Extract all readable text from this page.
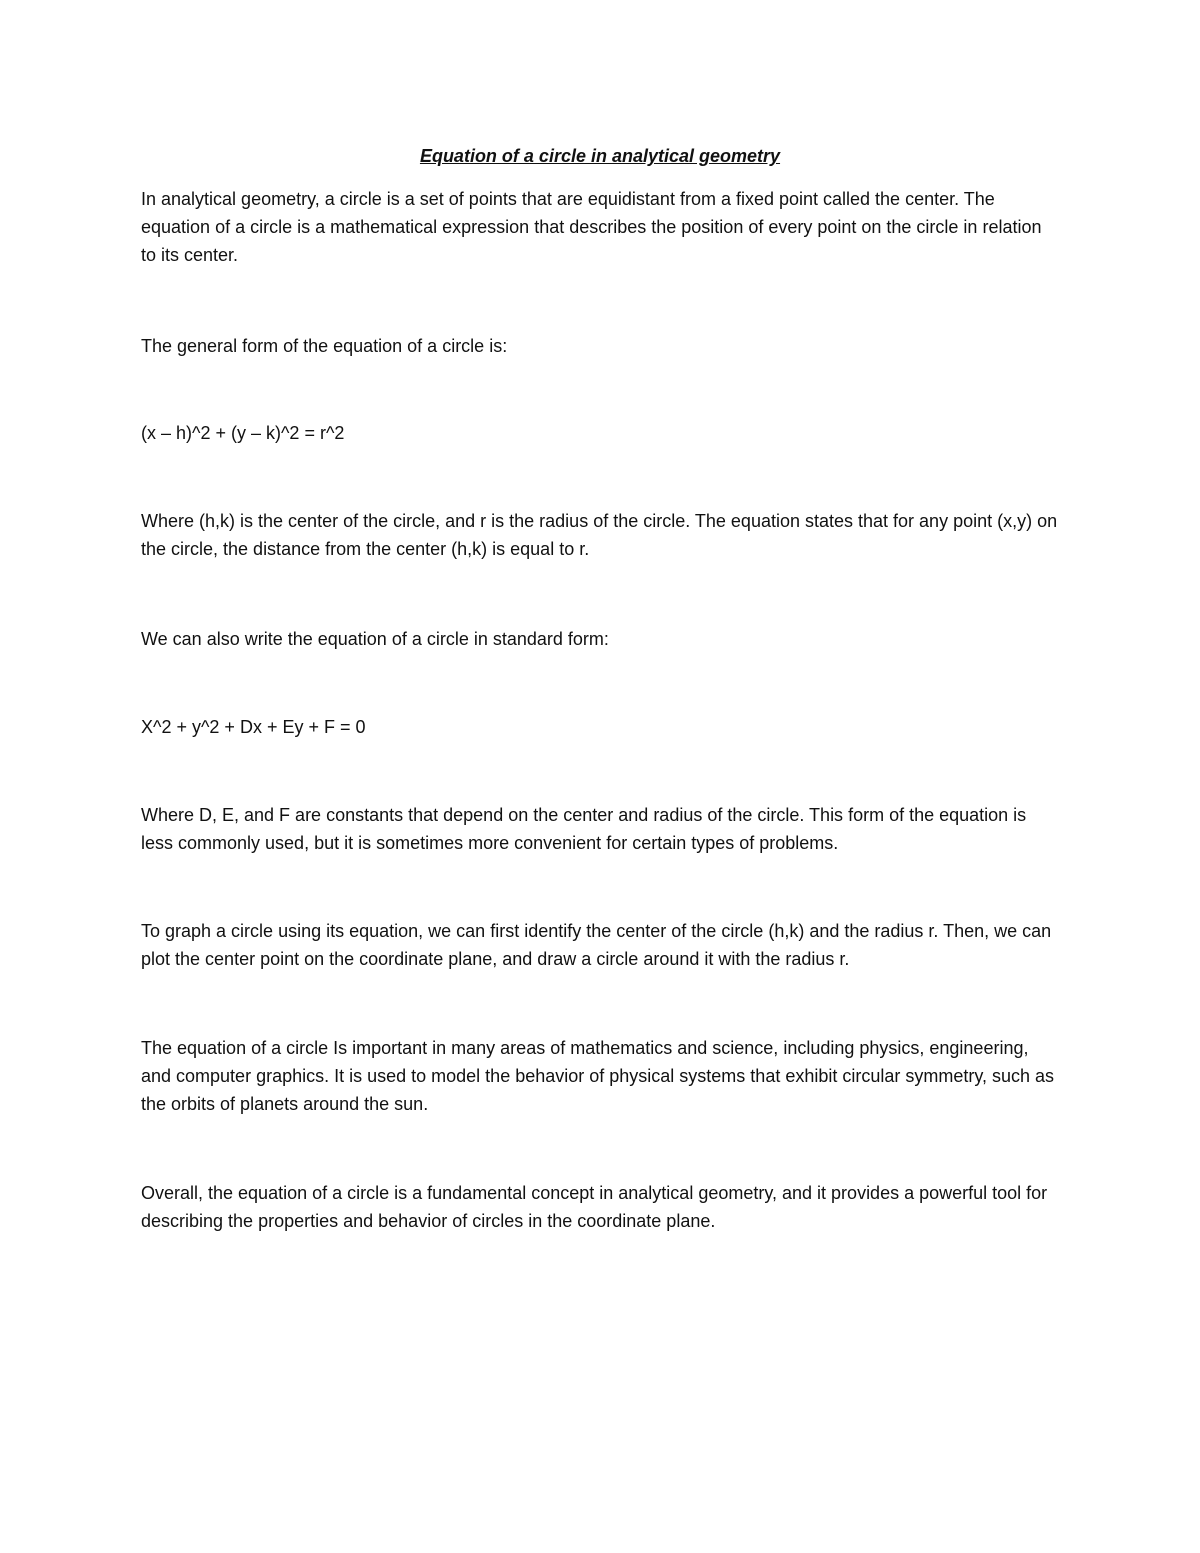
Equation of a circle in analytical geometry

In analytical geometry, a circle is a set of points that are equidistant from a fixed point called the center. The equation of a circle is a mathematical expression that describes the position of every point on the circle in relation to its center.

The general form of the equation of a circle is:

(x – h)^2 + (y – k)^2 = r^2

Where (h,k) is the center of the circle, and r is the radius of the circle. The equation states that for any point (x,y) on the circle, the distance from the center (h,k) is equal to r.

We can also write the equation of a circle in standard form:

X^2 + y^2 + Dx + Ey + F = 0

Where D, E, and F are constants that depend on the center and radius of the circle. This form of the equation is less commonly used, but it is sometimes more convenient for certain types of problems.

To graph a circle using its equation, we can first identify the center of the circle (h,k) and the radius r. Then, we can plot the center point on the coordinate plane, and draw a circle around it with the radius r.

The equation of a circle Is important in many areas of mathematics and science, including physics, engineering, and computer graphics. It is used to model the behavior of physical systems that exhibit circular symmetry, such as the orbits of planets around the sun.

Overall, the equation of a circle is a fundamental concept in analytical geometry, and it provides a powerful tool for describing the properties and behavior of circles in the coordinate plane.
